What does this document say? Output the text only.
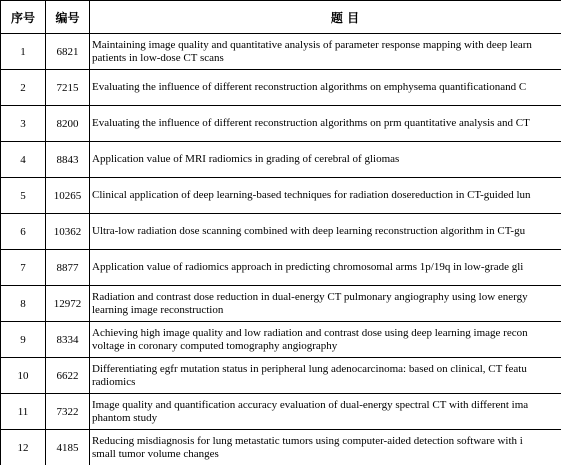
序号	编号	题 目
1	6821	Maintaining image quality and quantitative analysis of parameter response mapping with deep learn
patients in low-dose CT scans

2	7215	Evaluating the influence of different reconstruction algorithms on emphysema quantificationand C

3	8200	Evaluating the influence of different reconstruction algorithms on prm quantitative analysis and CT

4	8843	Application value of MRI radiomics in grading of cerebral of gliomas

5	10265	Clinical application of deep learning-based techniques for radiation dosereduction in CT-guided lun

6	10362	Ultra-low radiation dose scanning combined with deep learning reconstruction algorithm in CT-gu

7	8877	Application value of radiomics approach in predicting chromosomal arms 1p/19q in low-grade gli

8	12972	Radiation and contrast dose reduction in dual-energy CT pulmonary angiography using low energy
learning image reconstruction

9	8334	Achieving high image quality and low radiation and contrast dose using deep learning image recon
voltage in coronary computed tomography angiography

10	6622	Differentiating egfr mutation status in peripheral lung adenocarcinoma: based on clinical, CT featu
radiomics

11	7322	Image quality and quantification accuracy evaluation of dual-energy spectral CT with different ima
phantom study

12	4185	Reducing misdiagnosis for lung metastatic tumors using computer-aided detection software with i
small tumor volume changes
